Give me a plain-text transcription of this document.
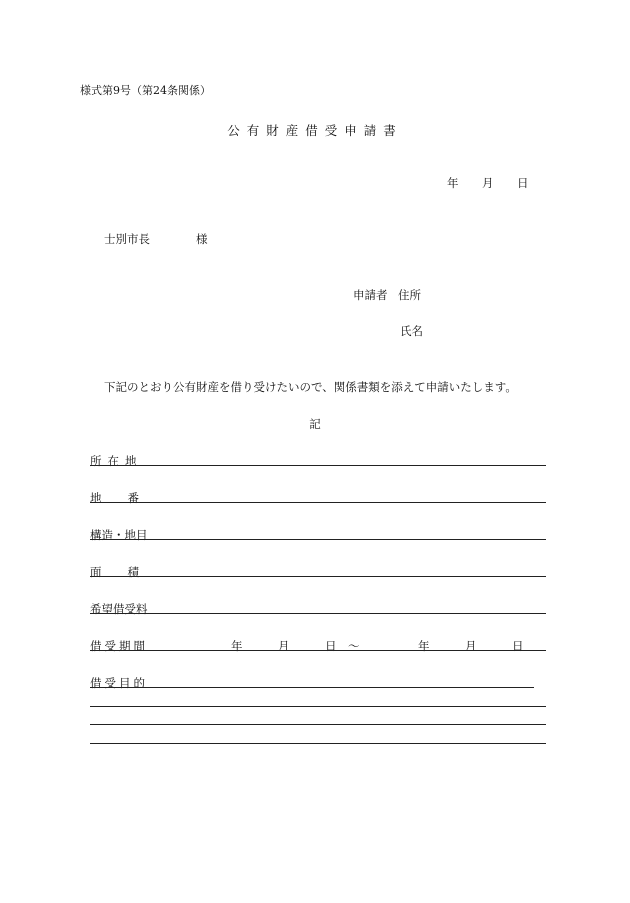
様式第9号（第24条関係）
公有財産借受申請書
年 月 日
士別市長	様
申請者 住所
氏名
下記のとおり公有財産を借り受けたいので、関係書類を添えて申請いたします。
記
所在地
地番
構造・地目
面積
希望借受料
借受期間	年	月	日 ～	年	月	日
借受目的
